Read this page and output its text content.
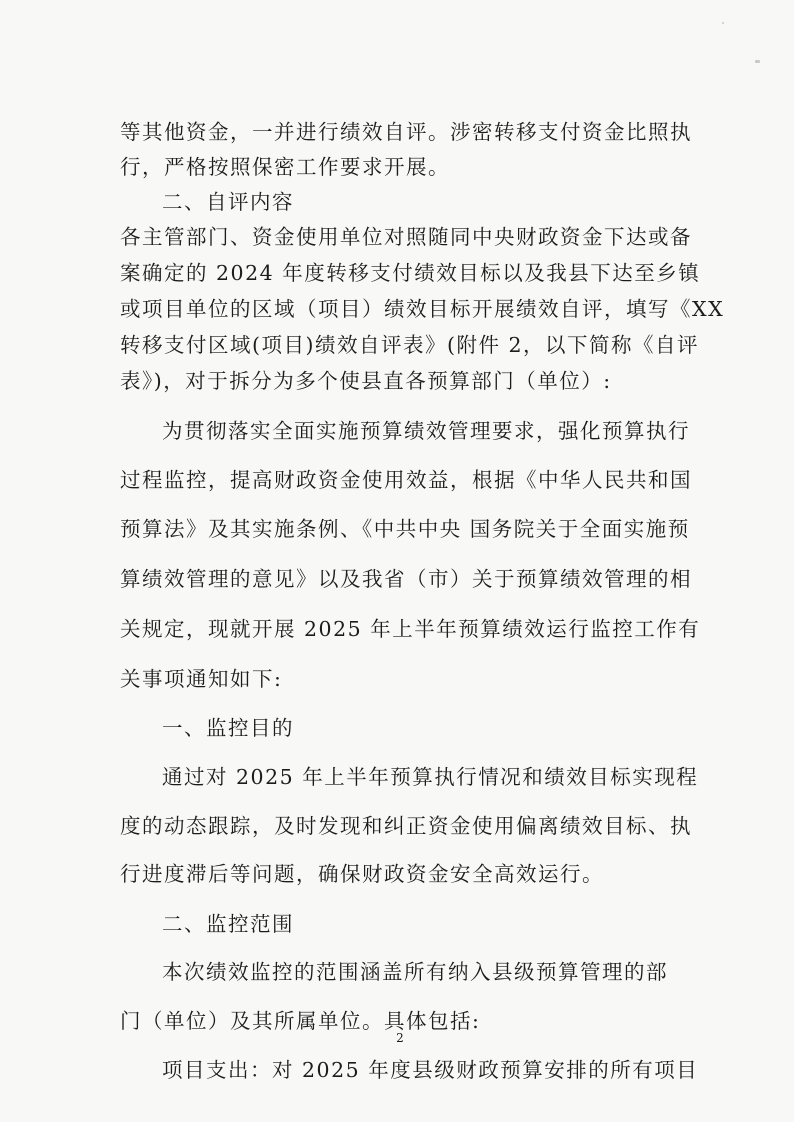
等其他资金，一并进行绩效自评。涉密转移支付资金比照执
行，严格按照保密工作要求开展。
二、自评内容
各主管部门、资金使用单位对照随同中央财政资金下达或备
案确定的 2024 年度转移支付绩效目标以及我县下达至乡镇
或项目单位的区域（项目）绩效目标开展绩效自评，填写《XX
转移支付区域(项目)绩效自评表》(附件 2，以下简称《自评
表》)，对于拆分为多个使县直各预算部门（单位）:
为贯彻落实全面实施预算绩效管理要求，强化预算执行
过程监控，提高财政资金使用效益，根据《中华人民共和国
预算法》及其实施条例、《中共中央 国务院关于全面实施预
算绩效管理的意见》以及我省（市）关于预算绩效管理的相
关规定，现就开展 2025 年上半年预算绩效运行监控工作有
关事项通知如下:
一、监控目的
通过对 2025 年上半年预算执行情况和绩效目标实现程
度的动态跟踪，及时发现和纠正资金使用偏离绩效目标、执
行进度滞后等问题，确保财政资金安全高效运行。
二、监控范围
本次绩效监控的范围涵盖所有纳入县级预算管理的部
门（单位）及其所属单位。具体包括:
项目支出：对 2025 年度县级财政预算安排的所有项目
2
